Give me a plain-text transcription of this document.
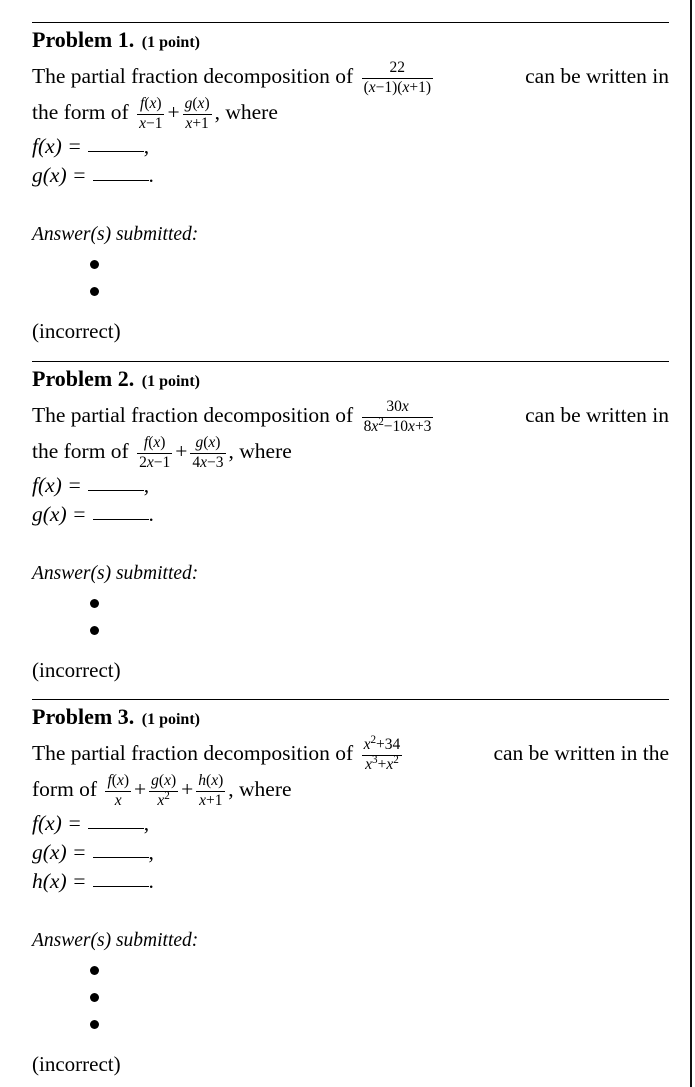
Problem 1. (1 point)
The partial fraction decomposition of $\frac{22}{(x-1)(x+1)}$	can be written in
the form of $\frac{f(x)}{x-1} + \frac{g(x)}{x+1}$ , where
f(x) =	,
g(x) =	.
Answer(s) submitted:
(incorrect)
Problem 2. (1 point)
The partial fraction decomposition of $\frac{30x}{8x^2-10x+3}$	can be written in
the form of $\frac{f(x)}{2x-1} + \frac{g(x)}{4x-3}$ , where
f(x) =	,
g(x) =	.
Answer(s) submitted:
(incorrect)
Problem 3. (1 point)
The partial fraction decomposition of $\frac{x^2+34}{x^3+x^2}$	can be written in the
form of $\frac{f(x)}{x} + \frac{g(x)}{x^2} + \frac{h(x)}{x+1}$ , where
f(x) =	,
g(x) =	,
h(x) =	.
Answer(s) submitted:
(incorrect)
